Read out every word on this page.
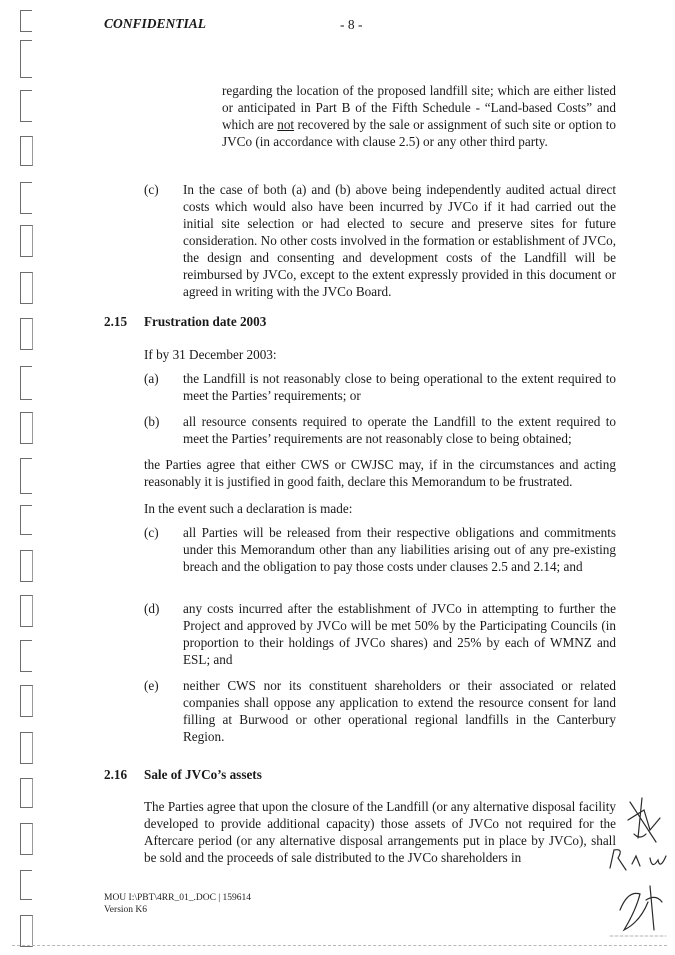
CONFIDENTIAL	- 8 -

regarding the location of the proposed landfill site; which are either listed or anticipated in Part B of the Fifth Schedule - “Land-based Costs” and which are not recovered by the sale or assignment of such site or option to JVCo (in accordance with clause 2.5) or any other third party.

(c) In the case of both (a) and (b) above being independently audited actual direct costs which would also have been incurred by JVCo if it had carried out the initial site selection or had elected to secure and preserve sites for future consideration. No other costs involved in the formation or establishment of JVCo, the design and consenting and development costs of the Landfill will be reimbursed by JVCo, except to the extent expressly provided in this document or agreed in writing with the JVCo Board.

2.15 Frustration date 2003

If by 31 December 2003:

(a) the Landfill is not reasonably close to being operational to the extent required to meet the Parties’ requirements; or

(b) all resource consents required to operate the Landfill to the extent required to meet the Parties’ requirements are not reasonably close to being obtained;

the Parties agree that either CWS or CWJSC may, if in the circumstances and acting reasonably it is justified in good faith, declare this Memorandum to be frustrated.

In the event such a declaration is made:

(c) all Parties will be released from their respective obligations and commitments under this Memorandum other than any liabilities arising out of any pre-existing breach and the obligation to pay those costs under clauses 2.5 and 2.14; and

(d) any costs incurred after the establishment of JVCo in attempting to further the Project and approved by JVCo will be met 50% by the Participating Councils (in proportion to their holdings of JVCo shares) and 25% by each of WMNZ and ESL; and

(e) neither CWS nor its constituent shareholders or their associated or related companies shall oppose any application to extend the resource consent for land filling at Burwood or other operational regional landfills in the Canterbury Region.

2.16 Sale of JVCo’s assets

The Parties agree that upon the closure of the Landfill (or any alternative disposal facility developed to provide additional capacity) those assets of JVCo not required for the Aftercare period (or any alternative disposal arrangements put in place by JVCo), shall be sold and the proceeds of sale distributed to the JVCo shareholders in

MOU I:\PBT\4RR_01_.DOC | 159614
Version K6
